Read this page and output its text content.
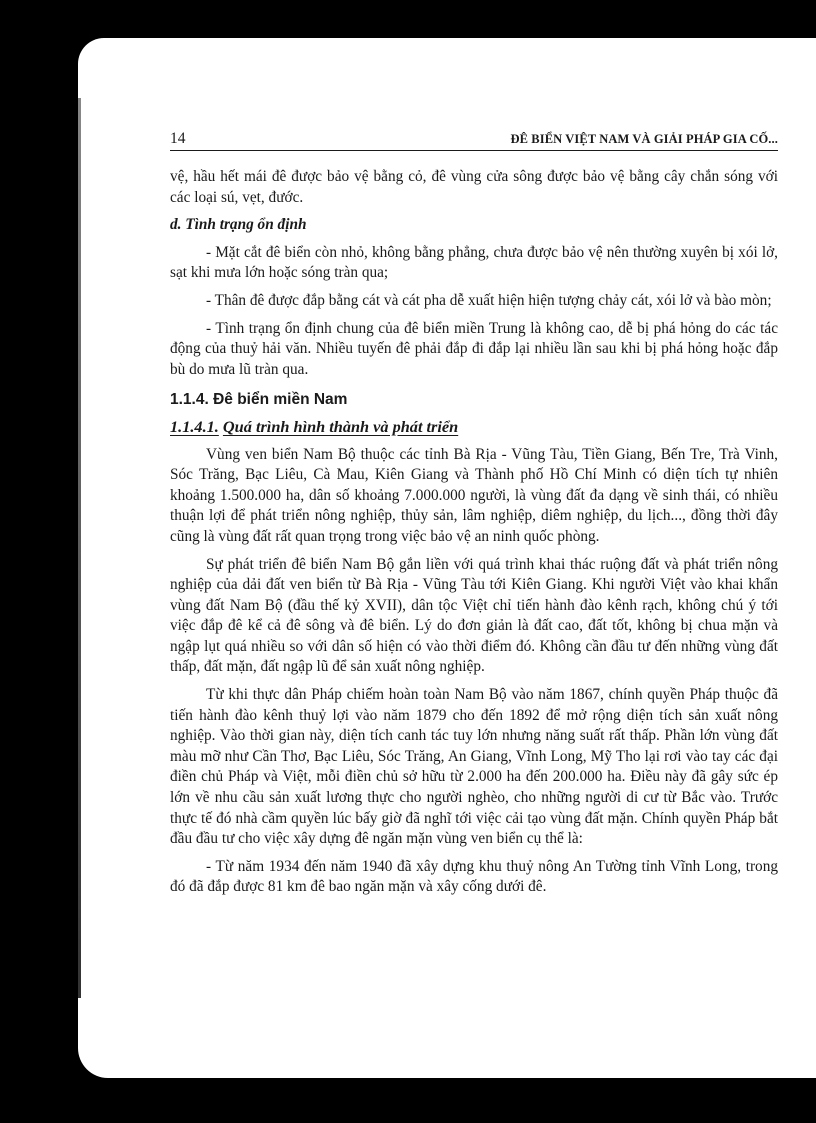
14	ĐÊ BIỂN VIỆT NAM VÀ GIẢI PHÁP GIA CỐ...

vệ, hầu hết mái đê được bảo vệ bằng cỏ, đê vùng cửa sông được bảo vệ bằng cây chắn sóng với các loại sú, vẹt, đước.

d. Tình trạng ổn định

- Mặt cắt đê biển còn nhỏ, không bằng phẳng, chưa được bảo vệ nên thường xuyên bị xói lở, sạt khi mưa lớn hoặc sóng tràn qua;

- Thân đê được đắp bằng cát và cát pha dễ xuất hiện hiện tượng chảy cát, xói lở và bào mòn;

- Tình trạng ổn định chung của đê biển miền Trung là không cao, dễ bị phá hỏng do các tác động của thuỷ hải văn. Nhiều tuyến đê phải đắp đi đắp lại nhiều lần sau khi bị phá hỏng hoặc đắp bù do mưa lũ tràn qua.

1.1.4. Đê biển miền Nam
1.1.4.1. Quá trình hình thành và phát triển

Vùng ven biển Nam Bộ thuộc các tỉnh Bà Rịa - Vũng Tàu, Tiền Giang, Bến Tre, Trà Vinh, Sóc Trăng, Bạc Liêu, Cà Mau, Kiên Giang và Thành phố Hồ Chí Minh có diện tích tự nhiên khoảng 1.500.000 ha, dân số khoảng 7.000.000 người, là vùng đất đa dạng về sinh thái, có nhiều thuận lợi để phát triển nông nghiệp, thủy sản, lâm nghiệp, diêm nghiệp, du lịch..., đồng thời đây cũng là vùng đất rất quan trọng trong việc bảo vệ an ninh quốc phòng.

Sự phát triển đê biển Nam Bộ gắn liền với quá trình khai thác ruộng đất và phát triển nông nghiệp của dải đất ven biển từ Bà Rịa - Vũng Tàu tới Kiên Giang. Khi người Việt vào khai khẩn vùng đất Nam Bộ (đầu thế kỷ XVII), dân tộc Việt chỉ tiến hành đào kênh rạch, không chú ý tới việc đắp đê kể cả đê sông và đê biển. Lý do đơn giản là đất cao, đất tốt, không bị chua mặn và ngập lụt quá nhiều so với dân số hiện có vào thời điểm đó. Không cần đầu tư đến những vùng đất thấp, đất mặn, đất ngập lũ để sản xuất nông nghiệp.

Từ khi thực dân Pháp chiếm hoàn toàn Nam Bộ vào năm 1867, chính quyền Pháp thuộc đã tiến hành đào kênh thuỷ lợi vào năm 1879 cho đến 1892 để mở rộng diện tích sản xuất nông nghiệp. Vào thời gian này, diện tích canh tác tuy lớn nhưng năng suất rất thấp. Phần lớn vùng đất màu mỡ như Cần Thơ, Bạc Liêu, Sóc Trăng, An Giang, Vĩnh Long, Mỹ Tho lại rơi vào tay các đại điền chủ Pháp và Việt, mỗi điền chủ sở hữu từ 2.000 ha đến 200.000 ha. Điều này đã gây sức ép lớn về nhu cầu sản xuất lương thực cho người nghèo, cho những người di cư từ Bắc vào. Trước thực tế đó nhà cầm quyền lúc bấy giờ đã nghĩ tới việc cải tạo vùng đất mặn. Chính quyền Pháp bắt đầu đầu tư cho việc xây dựng đê ngăn mặn vùng ven biển cụ thể là:

- Từ năm 1934 đến năm 1940 đã xây dựng khu thuỷ nông An Tường tỉnh Vĩnh Long, trong đó đã đắp được 81 km đê bao ngăn mặn và xây cống dưới đê.
